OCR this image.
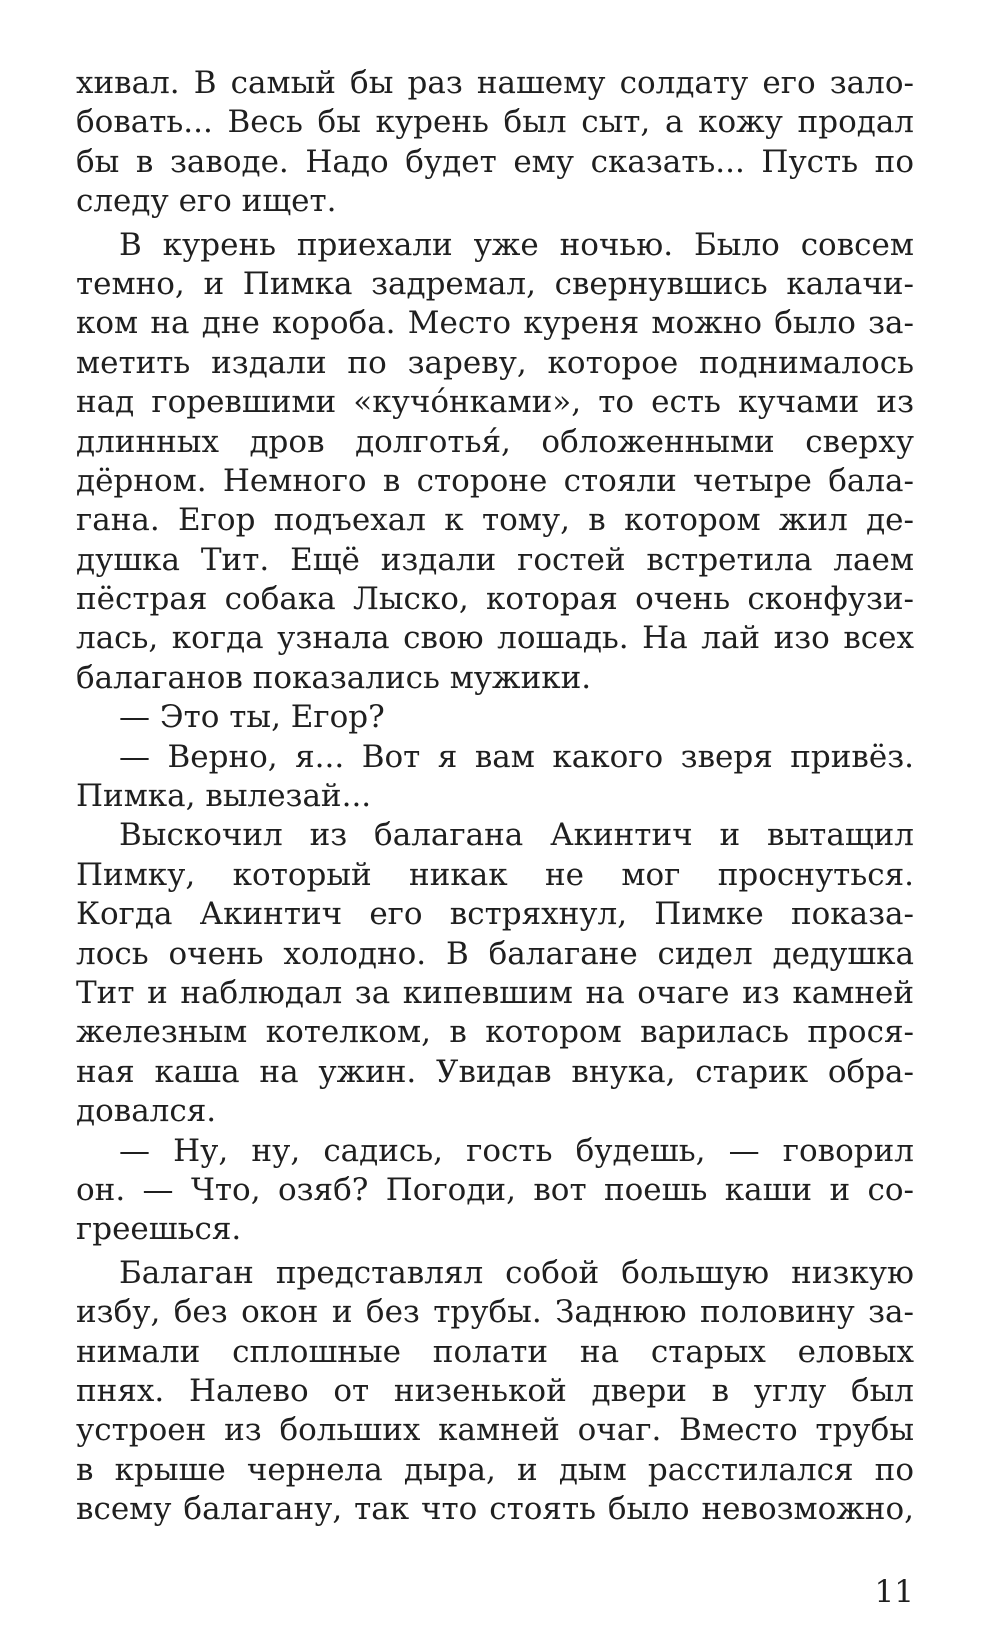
хивал. В самый бы раз нашему солдату его зало-
бовать... Весь бы курень был сыт, а кожу продал
бы в заводе. Надо будет ему сказать... Пусть по
следу его ищет.
В курень приехали уже ночью. Было совсем
темно, и Пимка задремал, свернувшись калачи-
ком на дне короба. Место куреня можно было за-
метить издали по зареву, которое поднималось
над горевшими «кучо́нками», то есть кучами из
длинных дров долготья́, обложенными сверху
дёрном. Немного в стороне стояли четыре бала-
гана. Егор подъехал к тому, в котором жил де-
душка Тит. Ещё издали гостей встретила лаем
пёстрая собака Лыско, которая очень сконфузи-
лась, когда узнала свою лошадь. На лай изо всех
балаганов показались мужики.
— Это ты, Егор?
— Верно, я... Вот я вам какого зверя привёз.
Пимка, вылезай...
Выскочил из балагана Акинтич и вытащил
Пимку, который никак не мог проснуться.
Когда Акинтич его встряхнул, Пимке показа-
лось очень холодно. В балагане сидел дедушка
Тит и наблюдал за кипевшим на очаге из камней
железным котелком, в котором варилась прося-
ная каша на ужин. Увидав внука, старик обра-
довался.
— Ну, ну, садись, гость будешь, — говорил
он. — Что, озяб? Погоди, вот поешь каши и со-
греешься.
Балаган представлял собой большую низкую
избу, без окон и без трубы. Заднюю половину за-
нимали сплошные полати на старых еловых
пнях. Налево от низенькой двери в углу был
устроен из больших камней очаг. Вместо трубы
в крыше чернела дыра, и дым расстилался по
всему балагану, так что стоять было невозможно,
11
